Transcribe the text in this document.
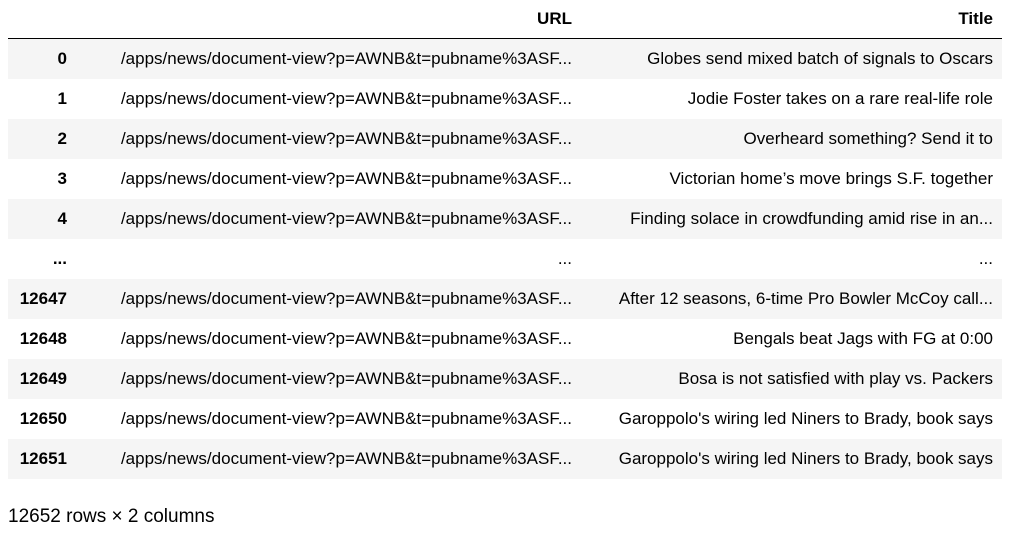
	URL	Title
0	/apps/news/document-view?p=AWNB&t=pubname%3ASF...	Globes send mixed batch of signals to Oscars
1	/apps/news/document-view?p=AWNB&t=pubname%3ASF...	Jodie Foster takes on a rare real-life role
2	/apps/news/document-view?p=AWNB&t=pubname%3ASF...	Overheard something? Send it to
3	/apps/news/document-view?p=AWNB&t=pubname%3ASF...	Victorian home’s move brings S.F. together
4	/apps/news/document-view?p=AWNB&t=pubname%3ASF...	Finding solace in crowdfunding amid rise in an...
...	...	...
12647	/apps/news/document-view?p=AWNB&t=pubname%3ASF...	After 12 seasons, 6-time Pro Bowler McCoy call...
12648	/apps/news/document-view?p=AWNB&t=pubname%3ASF...	Bengals beat Jags with FG at 0:00
12649	/apps/news/document-view?p=AWNB&t=pubname%3ASF...	Bosa is not satisfied with play vs. Packers
12650	/apps/news/document-view?p=AWNB&t=pubname%3ASF...	Garoppolo's wiring led Niners to Brady, book says
12651	/apps/news/document-view?p=AWNB&t=pubname%3ASF...	Garoppolo's wiring led Niners to Brady, book says
12652 rows × 2 columns
